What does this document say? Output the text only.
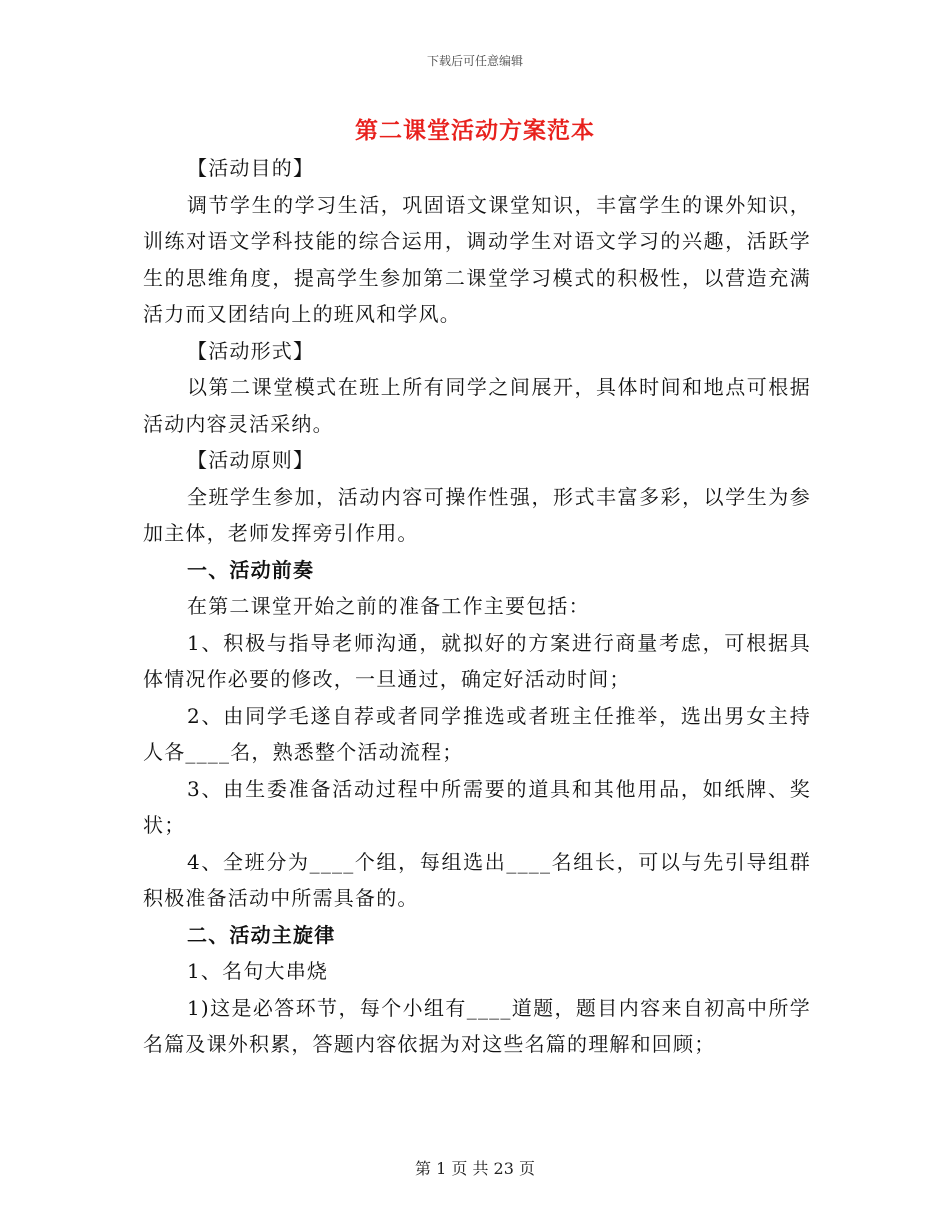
下载后可任意编辑
第二课堂活动方案范本

【活动目的】

调节学生的学习生活，巩固语文课堂知识，丰富学生的课外知识，训练对语文学科技能的综合运用，调动学生对语文学习的兴趣，活跃学生的思维角度，提高学生参加第二课堂学习模式的积极性，以营造充满活力而又团结向上的班风和学风。

【活动形式】

以第二课堂模式在班上所有同学之间展开，具体时间和地点可根据活动内容灵活采纳。

【活动原则】

全班学生参加，活动内容可操作性强，形式丰富多彩，以学生为参加主体，老师发挥旁引作用。

一、活动前奏

在第二课堂开始之前的准备工作主要包括：

1、积极与指导老师沟通，就拟好的方案进行商量考虑，可根据具体情况作必要的修改，一旦通过，确定好活动时间；

2、由同学毛遂自荐或者同学推选或者班主任推举，选出男女主持人各____名，熟悉整个活动流程；

3、由生委准备活动过程中所需要的道具和其他用品，如纸牌、奖状；

4、全班分为____个组，每组选出____名组长，可以与先引导组群积极准备活动中所需具备的。

二、活动主旋律

1、名句大串烧

1)这是必答环节，每个小组有____道题，题目内容来自初高中所学名篇及课外积累，答题内容依据为对这些名篇的理解和回顾；

第 1 页 共 23 页
